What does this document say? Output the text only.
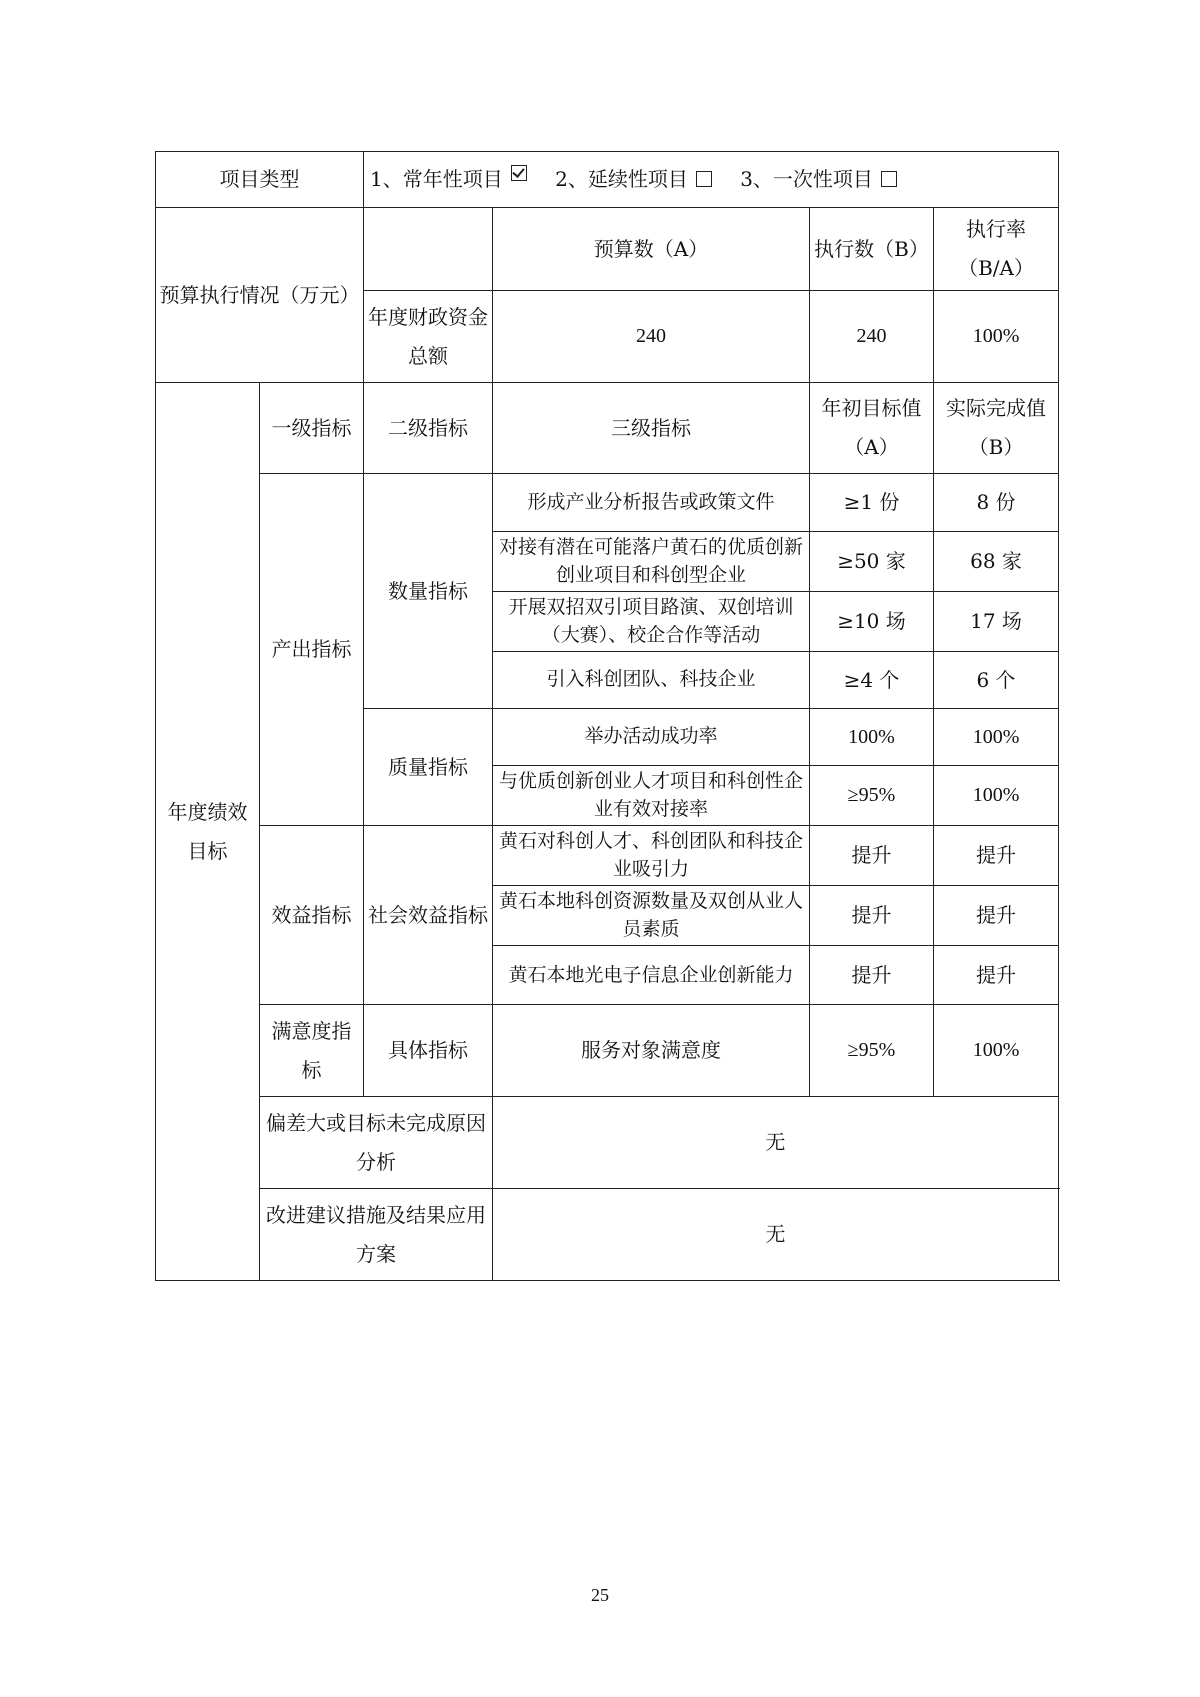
项目类型		1、常年性项目 2、延续性项目 3、一次性项目			
预算执行情况（万元）			预算数（A）	执行数（B）	执行率（B/A）
		年度财政资金总额	240	240	100%
年度绩效目标	一级指标	二级指标	三级指标	年初目标值（A）	实际完成值（B）
	产出指标	数量指标	形成产业分析报告或政策文件	≥1 份	8 份
			对接有潜在可能落户黄石的优质创新创业项目和科创型企业	≥50 家	68 家
			开展双招双引项目路演、双创培训（大赛）、校企合作等活动	≥10 场	17 场
			引入科创团队、科技企业	≥4 个	6 个
		质量指标	举办活动成功率	100%	100%
			与优质创新创业人才项目和科创性企业有效对接率	≥95%	100%
	效益指标	社会效益指标	黄石对科创人才、科创团队和科技企业吸引力	提升	提升
			黄石本地科创资源数量及双创从业人员素质	提升	提升
			黄石本地光电子信息企业创新能力	提升	提升
	满意度指标	具体指标	服务对象满意度	≥95%	100%
	偏差大或目标未完成原因分析		无		
	改进建议措施及结果应用方案		无		
25
